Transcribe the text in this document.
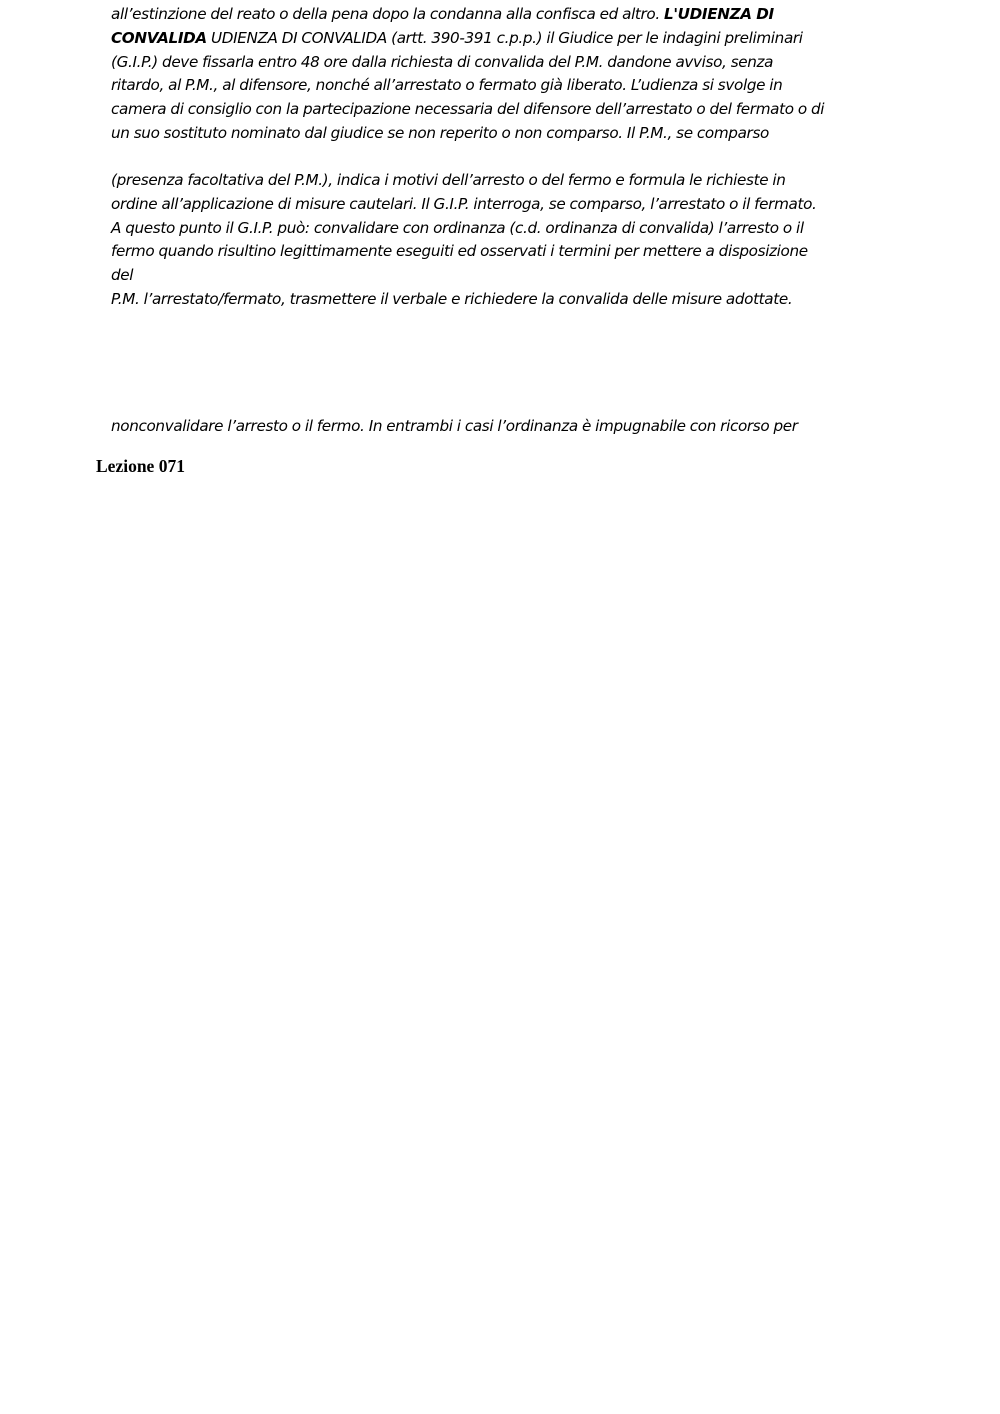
all’estinzione del reato o della pena dopo la condanna alla confisca ed altro. L'UDIENZA DI
CONVALIDA UDIENZA DI CONVALIDA (artt. 390-391 c.p.p.) il Giudice per le indagini preliminari
(G.I.P.) deve fissarla entro 48 ore dalla richiesta di convalida del P.M. dandone avviso, senza
ritardo, al P.M., al difensore, nonché all’arrestato o fermato già liberato. L’udienza si svolge in
camera di consiglio con la partecipazione necessaria del difensore dell’arrestato o del fermato o di
un suo sostituto nominato dal giudice se non reperito o non comparso. Il P.M., se comparso

(presenza facoltativa del P.M.), indica i motivi dell’arresto o del fermo e formula le richieste in
ordine all’applicazione di misure cautelari. Il G.I.P. interroga, se comparso, l’arrestato o il fermato.
A questo punto il G.I.P. può: convalidare con ordinanza (c.d. ordinanza di convalida) l’arresto o il
fermo quando risultino legittimamente eseguiti ed osservati i termini per mettere a disposizione
del
P.M. l’arrestato/fermato, trasmettere il verbale e richiedere la convalida delle misure adottate.

nonconvalidare l’arresto o il fermo. In entrambi i casi l’ordinanza è impugnabile con ricorso per

Lezione 071
